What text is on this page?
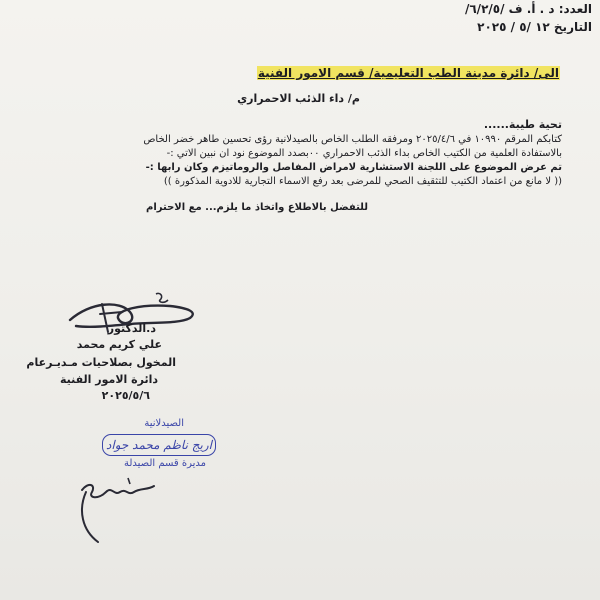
العدد: د . أ. ف /٦/٢/٥/
التاريخ ١٢ /٥ / ٢٠٢٥
الى/ دائرة مدينة الطب التعليمية/ قسم الامور الفنية
م/ داء الذئب الاحمراري
تحية طيبة......
كتابكم المرقم ١٠٩٩٠ في ٢٠٢٥/٤/٦ ومرفقه الطلب الخاص بالصيدلانية رؤى تحسين طاهر خضر الخاص
بالاستفادة العلمية من الكتيب الخاص بداء الذئب الاحمراري ٠٠بصدد الموضوع نود ان نبين الاتي :-
تم عرض الموضوع على اللجنة الاستشارية لامراض المفاصل والروماتيزم وكان رابها :-
(( لا مانع من اعتماد الكتيب للتثقيف الصحي للمرضى بعد رفع الاسماء التجارية للادوية المذكورة ))
للتفضل بالاطلاع واتخاذ ما يلزم... مع الاحترام
د.الدكتور
علي كريم محمد
المخول بصلاحيات مـديـرعام
دائرة الامور الفنية
٢٠٢٥/٥/٦
الصيدلانية
اريج ناظم محمد جواد
مديرة قسم الصيدلة
